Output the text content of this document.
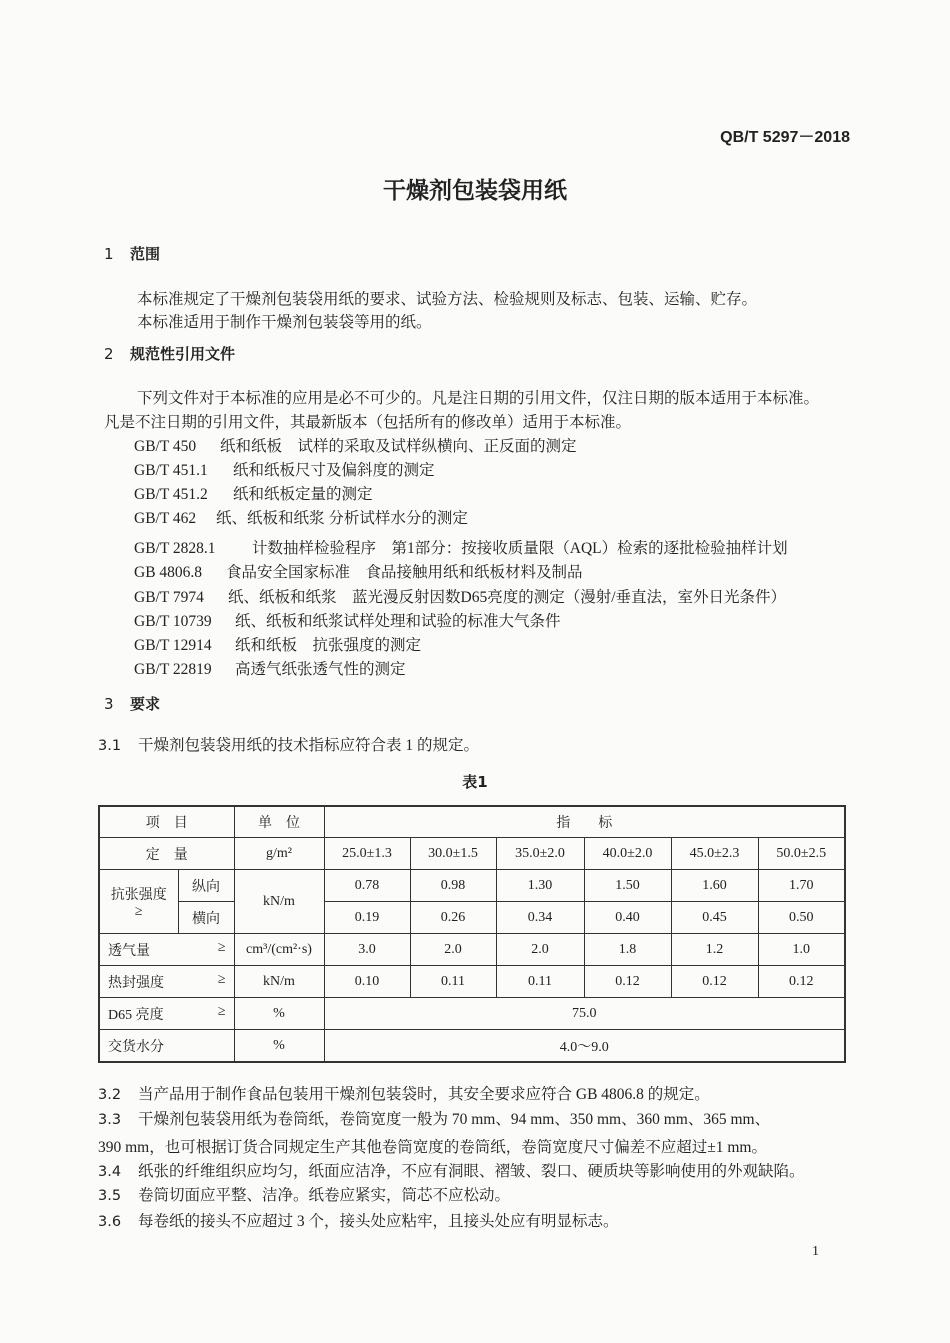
QB/T 5297－2018
干燥剂包装袋用纸
1 范围
本标准规定了干燥剂包装袋用纸的要求、试验方法、检验规则及标志、包装、运输、贮存。
本标准适用于制作干燥剂包装袋等用的纸。
2 规范性引用文件
下列文件对于本标准的应用是必不可少的。凡是注日期的引用文件，仅注日期的版本适用于本标准。
凡是不注日期的引用文件，其最新版本（包括所有的修改单）适用于本标准。
GB/T 450 纸和纸板　试样的采取及试样纵横向、正反面的测定
GB/T 451.1 纸和纸板尺寸及偏斜度的测定
GB/T 451.2 纸和纸板定量的测定
GB/T 462 纸、纸板和纸浆 分析试样水分的测定
GB/T 2828.1 计数抽样检验程序　第1部分：按接收质量限（AQL）检索的逐批检验抽样计划
GB 4806.8 食品安全国家标准　食品接触用纸和纸板材料及制品
GB/T 7974 纸、纸板和纸浆　蓝光漫反射因数D65亮度的测定（漫射/垂直法，室外日光条件）
GB/T 10739 纸、纸板和纸浆试样处理和试验的标准大气条件
GB/T 12914 纸和纸板　抗张强度的测定
GB/T 22819 高透气纸张透气性的测定
3 要求
3.1 干燥剂包装袋用纸的技术指标应符合表 1 的规定。
表1
项　目		单　位	指　　标					
定　量		g/m²	25.0±1.3	30.0±1.5	35.0±2.0	40.0±2.0	45.0±2.3	50.0±2.5

抗张强度
≥	纵向	kN/m	0.78	0.98	1.30	1.50	1.60	1.70
	横向		0.19	0.26	0.34	0.40	0.45	0.50

透气量 ≥		cm³/(cm²·s)	3.0	2.0	2.0	1.8	1.2	1.0

热封强度 ≥		kN/m	0.10	0.11	0.11	0.12	0.12	0.12

D65 亮度 ≥		%	75.0					
交货水分		%	4.0～9.0					
3.2 当产品用于制作食品包装用干燥剂包装袋时，其安全要求应符合 GB 4806.8 的规定。
3.3 干燥剂包装袋用纸为卷筒纸，卷筒宽度一般为 70 mm、94 mm、350 mm、360 mm、365 mm、
390 mm，也可根据订货合同规定生产其他卷筒宽度的卷筒纸，卷筒宽度尺寸偏差不应超过±1 mm。
3.4 纸张的纤维组织应均匀，纸面应洁净，不应有洞眼、褶皱、裂口、硬质块等影响使用的外观缺陷。
3.5 卷筒切面应平整、洁净。纸卷应紧实，筒芯不应松动。
3.6 每卷纸的接头不应超过 3 个，接头处应粘牢，且接头处应有明显标志。
1
